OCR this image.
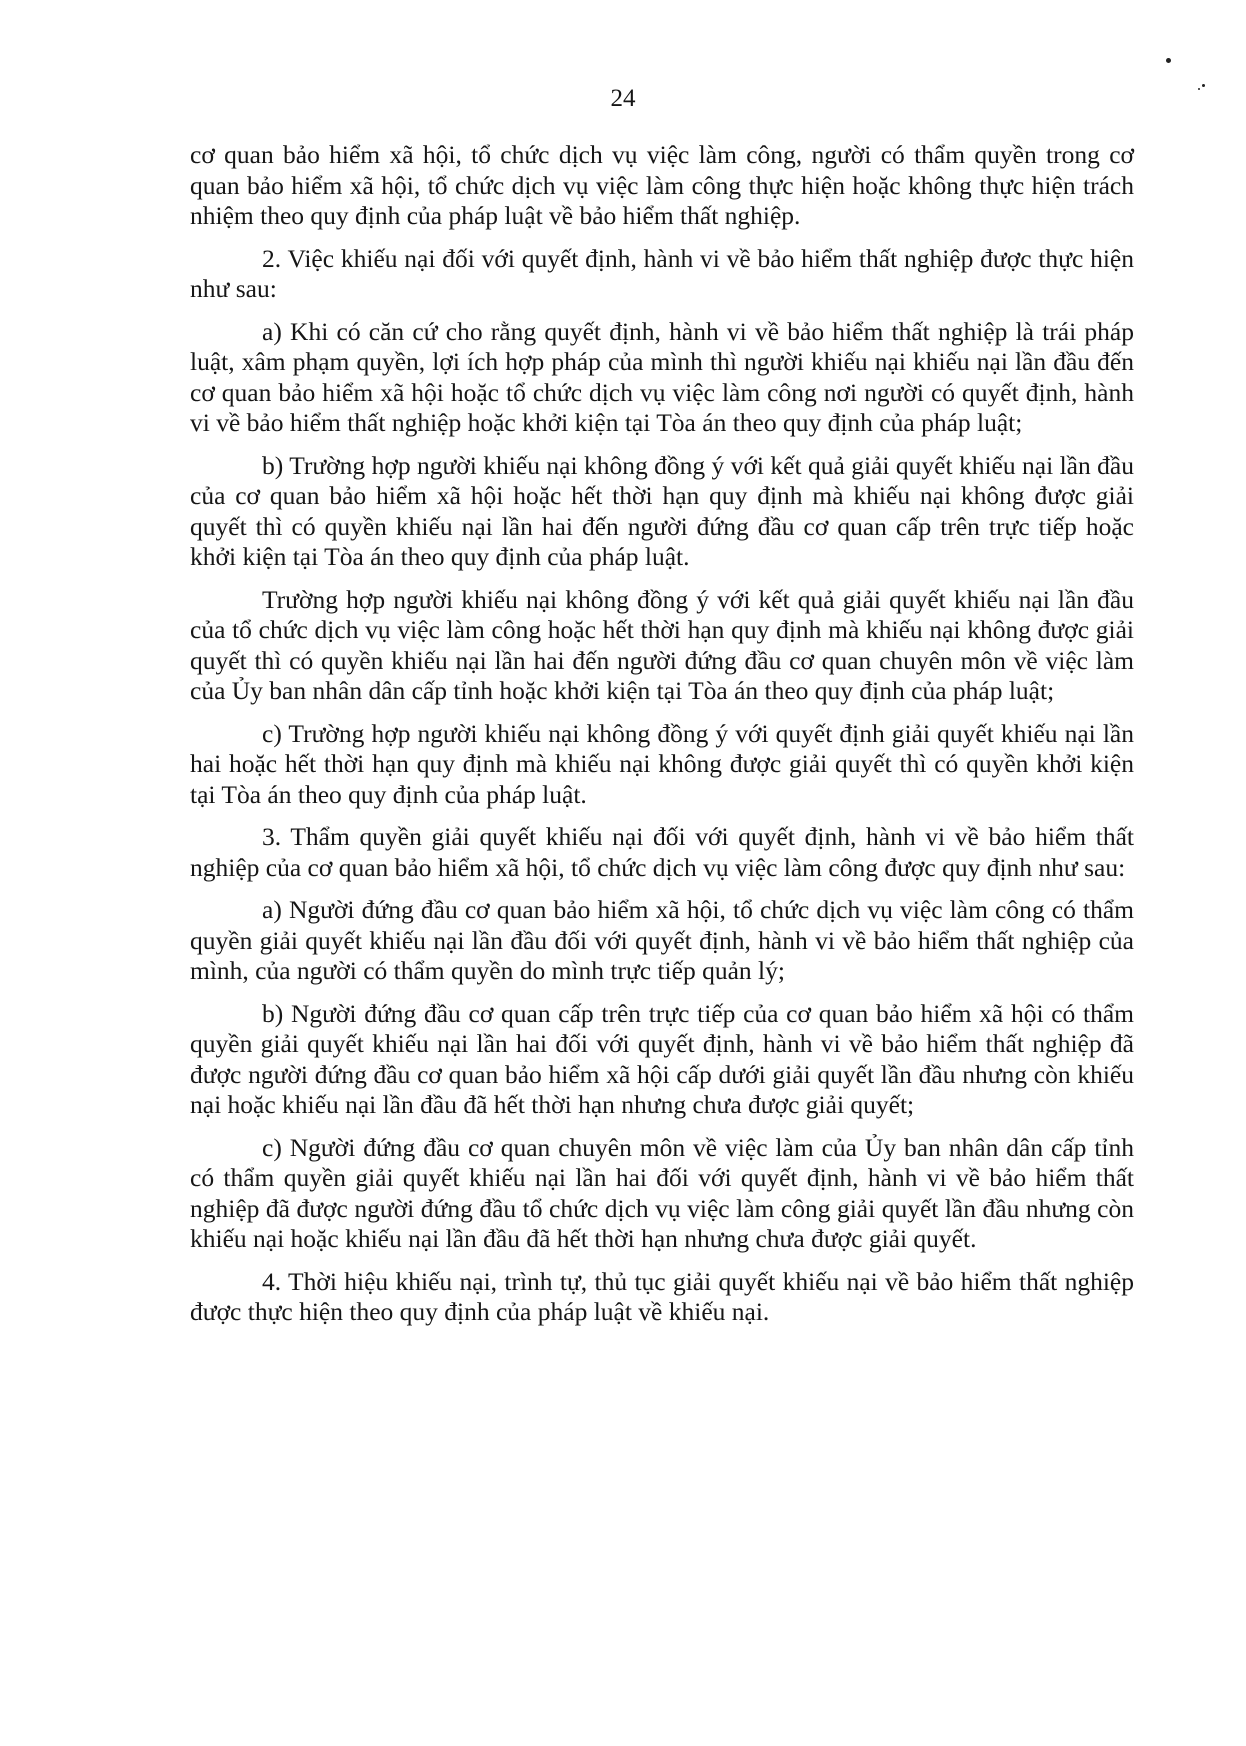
24

cơ quan bảo hiểm xã hội, tổ chức dịch vụ việc làm công, người có thẩm quyền trong cơ quan bảo hiểm xã hội, tổ chức dịch vụ việc làm công thực hiện hoặc không thực hiện trách nhiệm theo quy định của pháp luật về bảo hiểm thất nghiệp.

2. Việc khiếu nại đối với quyết định, hành vi về bảo hiểm thất nghiệp được thực hiện như sau:

a) Khi có căn cứ cho rằng quyết định, hành vi về bảo hiểm thất nghiệp là trái pháp luật, xâm phạm quyền, lợi ích hợp pháp của mình thì người khiếu nại khiếu nại lần đầu đến cơ quan bảo hiểm xã hội hoặc tổ chức dịch vụ việc làm công nơi người có quyết định, hành vi về bảo hiểm thất nghiệp hoặc khởi kiện tại Tòa án theo quy định của pháp luật;

b) Trường hợp người khiếu nại không đồng ý với kết quả giải quyết khiếu nại lần đầu của cơ quan bảo hiểm xã hội hoặc hết thời hạn quy định mà khiếu nại không được giải quyết thì có quyền khiếu nại lần hai đến người đứng đầu cơ quan cấp trên trực tiếp hoặc khởi kiện tại Tòa án theo quy định của pháp luật.

Trường hợp người khiếu nại không đồng ý với kết quả giải quyết khiếu nại lần đầu của tổ chức dịch vụ việc làm công hoặc hết thời hạn quy định mà khiếu nại không được giải quyết thì có quyền khiếu nại lần hai đến người đứng đầu cơ quan chuyên môn về việc làm của Ủy ban nhân dân cấp tỉnh hoặc khởi kiện tại Tòa án theo quy định của pháp luật;

c) Trường hợp người khiếu nại không đồng ý với quyết định giải quyết khiếu nại lần hai hoặc hết thời hạn quy định mà khiếu nại không được giải quyết thì có quyền khởi kiện tại Tòa án theo quy định của pháp luật.

3. Thẩm quyền giải quyết khiếu nại đối với quyết định, hành vi về bảo hiểm thất nghiệp của cơ quan bảo hiểm xã hội, tổ chức dịch vụ việc làm công được quy định như sau:

a) Người đứng đầu cơ quan bảo hiểm xã hội, tổ chức dịch vụ việc làm công có thẩm quyền giải quyết khiếu nại lần đầu đối với quyết định, hành vi về bảo hiểm thất nghiệp của mình, của người có thẩm quyền do mình trực tiếp quản lý;

b) Người đứng đầu cơ quan cấp trên trực tiếp của cơ quan bảo hiểm xã hội có thẩm quyền giải quyết khiếu nại lần hai đối với quyết định, hành vi về bảo hiểm thất nghiệp đã được người đứng đầu cơ quan bảo hiểm xã hội cấp dưới giải quyết lần đầu nhưng còn khiếu nại hoặc khiếu nại lần đầu đã hết thời hạn nhưng chưa được giải quyết;

c) Người đứng đầu cơ quan chuyên môn về việc làm của Ủy ban nhân dân cấp tỉnh có thẩm quyền giải quyết khiếu nại lần hai đối với quyết định, hành vi về bảo hiểm thất nghiệp đã được người đứng đầu tổ chức dịch vụ việc làm công giải quyết lần đầu nhưng còn khiếu nại hoặc khiếu nại lần đầu đã hết thời hạn nhưng chưa được giải quyết.

4. Thời hiệu khiếu nại, trình tự, thủ tục giải quyết khiếu nại về bảo hiểm thất nghiệp được thực hiện theo quy định của pháp luật về khiếu nại.
